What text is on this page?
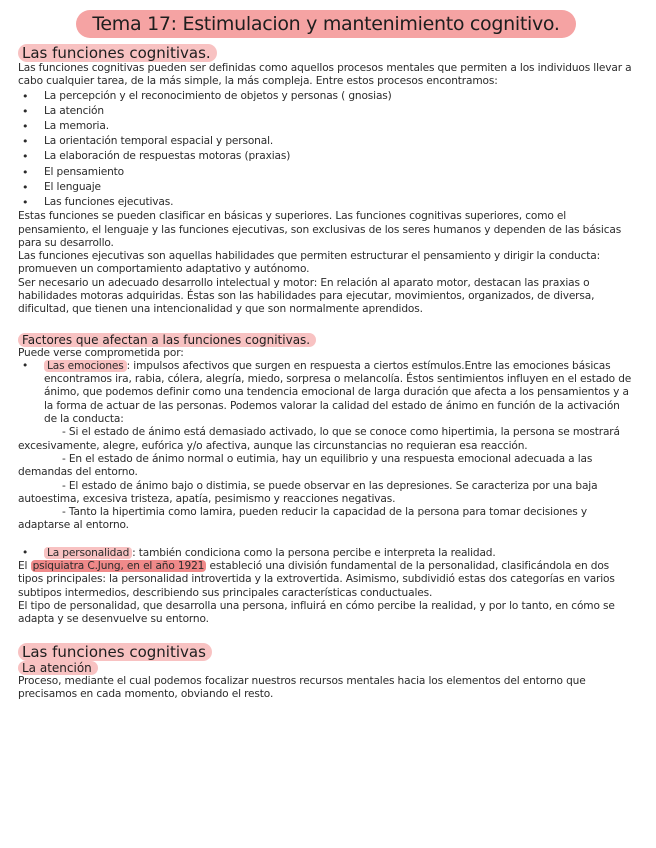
Tema 17: Estimulacion y mantenimiento cognitivo.
Las funciones cognitivas.

Las funciones cognitivas pueden ser definidas como aquellos procesos mentales que permiten a los individuos llevar a cabo cualquier tarea, de la más simple, la más compleja. Entre estos procesos encontramos:

• La percepción y el reconocimiento de objetos y personas ( gnosias)
• La atención
• La memoria.
• La orientación temporal espacial y personal.
• La elaboración de respuestas motoras (praxias)
• El pensamiento
• El lenguaje
• Las funciones ejecutivas.

Estas funciones se pueden clasificar en básicas y superiores. Las funciones cognitivas superiores, como el pensamiento, el lenguaje y las funciones ejecutivas, son exclusivas de los seres humanos y dependen de las básicas para su desarrollo.

Las funciones ejecutivas son aquellas habilidades que permiten estructurar el pensamiento y dirigir la conducta: promueven un comportamiento adaptativo y autónomo.

Ser necesario un adecuado desarrollo intelectual y motor: En relación al aparato motor, destacan las praxias o habilidades motoras adquiridas. Éstas son las habilidades para ejecutar, movimientos, organizados, de diversa, dificultad, que tienen una intencionalidad y que son normalmente aprendidos.

Factores que afectan a las funciones cognitivas.

Puede verse comprometida por:

• Las emociones : impulsos afectivos que surgen en respuesta a ciertos estímulos.Entre las emociones básicas encontramos ira, rabia, cólera, alegría, miedo, sorpresa o melancolía. Éstos sentimientos influyen en el estado de ánimo, que podemos definir como una tendencia emocional de larga duración que afecta a los pensamientos y a la forma de actuar de las personas. Podemos valorar la calidad del estado de ánimo en función de la activación de la conducta:

- Si el estado de ánimo está demasiado activado, lo que se conoce como hipertimia, la persona se mostrará excesivamente, alegre, eufórica y/o afectiva, aunque las circunstancias no requieran esa reacción.

- En el estado de ánimo normal o eutimia, hay un equilibrio y una respuesta emocional adecuada a las demandas del entorno.

- El estado de ánimo bajo o distimia, se puede observar en las depresiones. Se caracteriza por una baja autoestima, excesiva tristeza, apatía, pesimismo y reacciones negativas.

- Tanto la hipertimia como lamira, pueden reducir la capacidad de la persona para tomar decisiones y adaptarse al entorno.

• La personalidad : también condiciona como la persona percibe e interpreta la realidad.

El psiquiatra C.Jung, en el año 1921 estableció una división fundamental de la personalidad, clasificándola en dos tipos principales: la personalidad introvertida y la extrovertida. Asimismo, subdividió estas dos categorías en varios subtipos intermedios, describiendo sus principales características conductuales.

El tipo de personalidad, que desarrolla una persona, influirá en cómo percibe la realidad, y por lo tanto, en cómo se adapta y se desenvuelve su entorno.

Las funciones cognitivas
La atención

Proceso, mediante el cual podemos focalizar nuestros recursos mentales hacia los elementos del entorno que precisamos en cada momento, obviando el resto.
